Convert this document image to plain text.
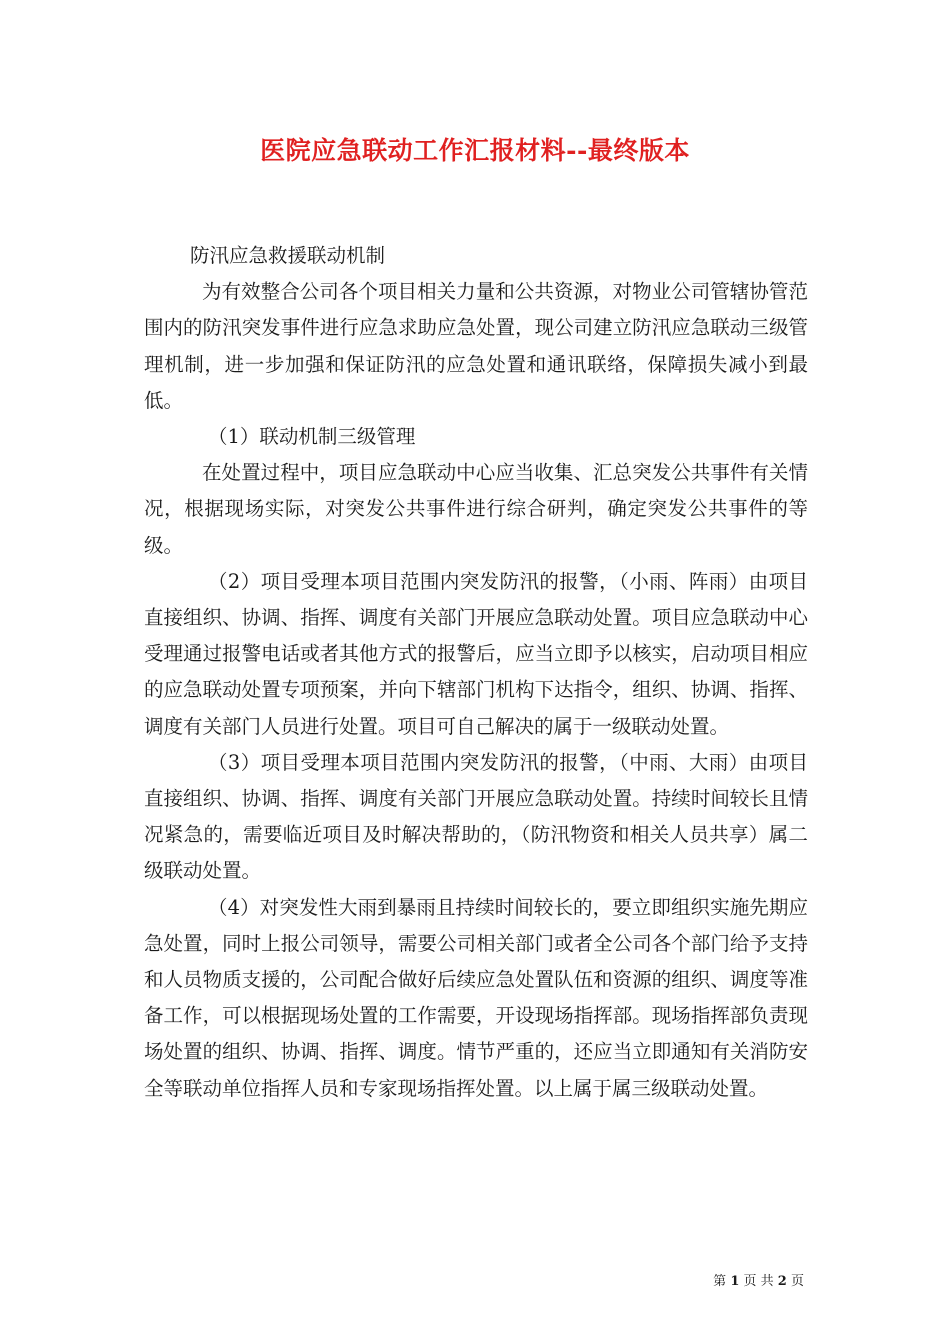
医院应急联动工作汇报材料--最终版本

防汛应急救援联动机制

为有效整合公司各个项目相关力量和公共资源，对物业公司管辖协管范围内的防汛突发事件进行应急求助应急处置，现公司建立防汛应急联动三级管理机制，进一步加强和保证防汛的应急处置和通讯联络，保障损失减小到最低。

（1）联动机制三级管理

在处置过程中，项目应急联动中心应当收集、汇总突发公共事件有关情况，根据现场实际，对突发公共事件进行综合研判，确定突发公共事件的等级。

（2）项目受理本项目范围内突发防汛的报警，（小雨、阵雨）由项目直接组织、协调、指挥、调度有关部门开展应急联动处置。项目应急联动中心受理通过报警电话或者其他方式的报警后，应当立即予以核实，启动项目相应的应急联动处置专项预案，并向下辖部门机构下达指令，组织、协调、指挥、调度有关部门人员进行处置。项目可自己解决的属于一级联动处置。

（3）项目受理本项目范围内突发防汛的报警，（中雨、大雨）由项目直接组织、协调、指挥、调度有关部门开展应急联动处置。持续时间较长且情况紧急的，需要临近项目及时解决帮助的，（防汛物资和相关人员共享）属二级联动处置。

（4）对突发性大雨到暴雨且持续时间较长的，要立即组织实施先期应急处置，同时上报公司领导，需要公司相关部门或者全公司各个部门给予支持和人员物质支援的，公司配合做好后续应急处置队伍和资源的组织、调度等准备工作，可以根据现场处置的工作需要，开设现场指挥部。现场指挥部负责现场处置的组织、协调、指挥、调度。情节严重的，还应当立即通知有关消防安全等联动单位指挥人员和专家现场指挥处置。以上属于属三级联动处置。

第 1 页 共 2 页
